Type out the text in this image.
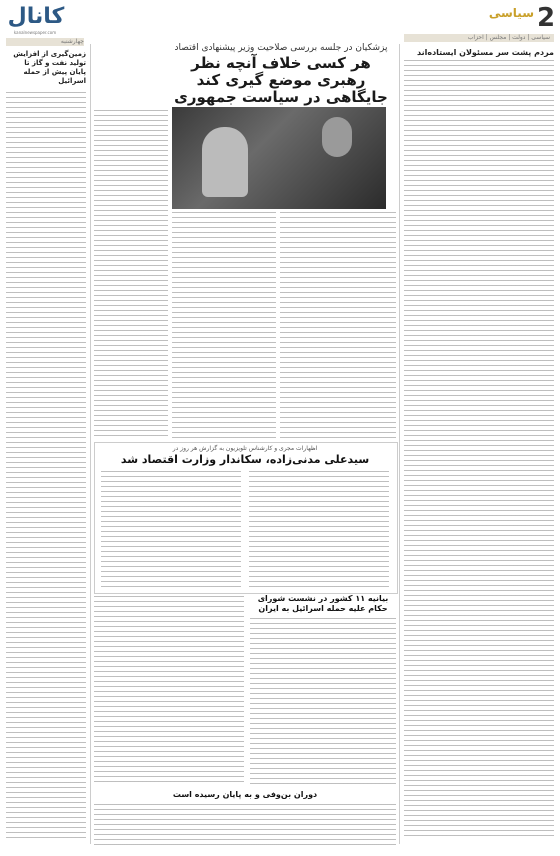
2
سیاسی
سیاسی | دولت | مجلس | احزاب
کانال
kanalnewspaper.com
چهارشنبه
پزشکیان در جلسه بررسی صلاحیت وزیر پیشنهادی اقتصاد
هر کسی خلاف آنچه نظر رهبری موضع گیری کند جایگاهی در سیاست جمهوری
مردم پشت سر مسئولان ایستاده‌اند
زمین‌گیری از افزایش تولید نفت و گاز تا پایان پیش از حمله اسرائیل
اظهارات مجری و کارشناس تلویزیون به گزارش هر روز در
سیدعلی مدنی‌زاده، سکاندار وزارت اقتصاد شد
بیانیه ۱۱ کشور در نشست شورای حکام علیه حمله اسرائیل به ایران
دوران بن‌وفی و به پایان رسیده است
